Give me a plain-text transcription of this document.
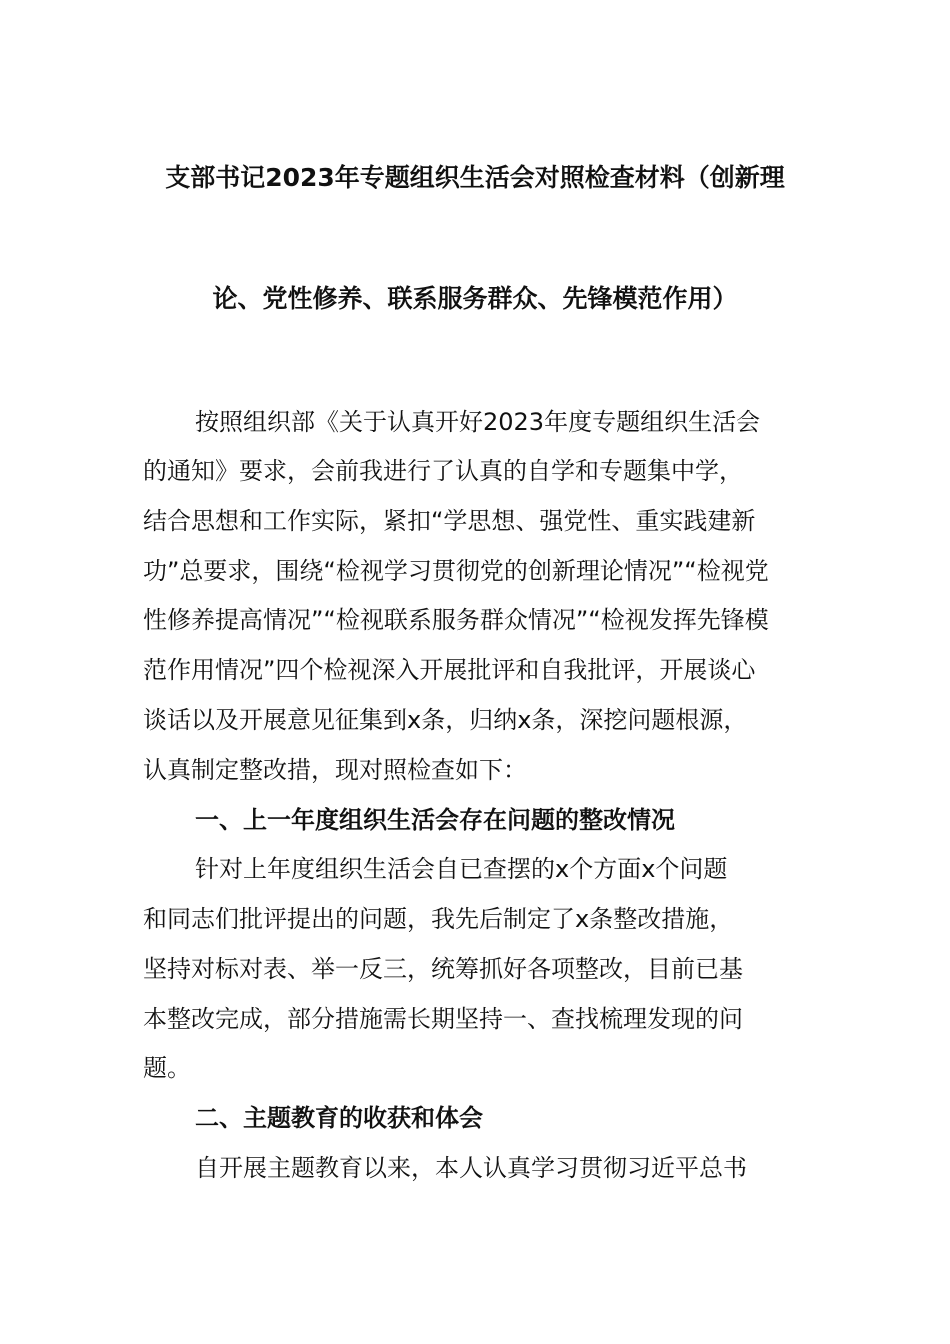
支部书记2023年专题组织生活会对照检查材料（创新理
论、党性修养、联系服务群众、先锋模范作用）
按照组织部《关于认真开好2023年度专题组织生活会
的通知》要求，会前我进行了认真的自学和专题集中学，
结合思想和工作实际，紧扣“学思想、强党性、重实践建新
功”总要求，围绕“检视学习贯彻党的创新理论情况”“检视党
性修养提高情况”“检视联系服务群众情况”“检视发挥先锋模
范作用情况”四个检视深入开展批评和自我批评，开展谈心
谈话以及开展意见征集到x条，归纳x条，深挖问题根源，
认真制定整改措，现对照检查如下：
一、上一年度组织生活会存在问题的整改情况
针对上年度组织生活会自已查摆的x个方面x个问题
和同志们批评提出的问题，我先后制定了x条整改措施，
坚持对标对表、举一反三，统筹抓好各项整改，目前已基
本整改完成，部分措施需长期坚持一、查找梳理发现的问
题。
二、主题教育的收获和体会
自开展主题教育以来，本人认真学习贯彻习近平总书
